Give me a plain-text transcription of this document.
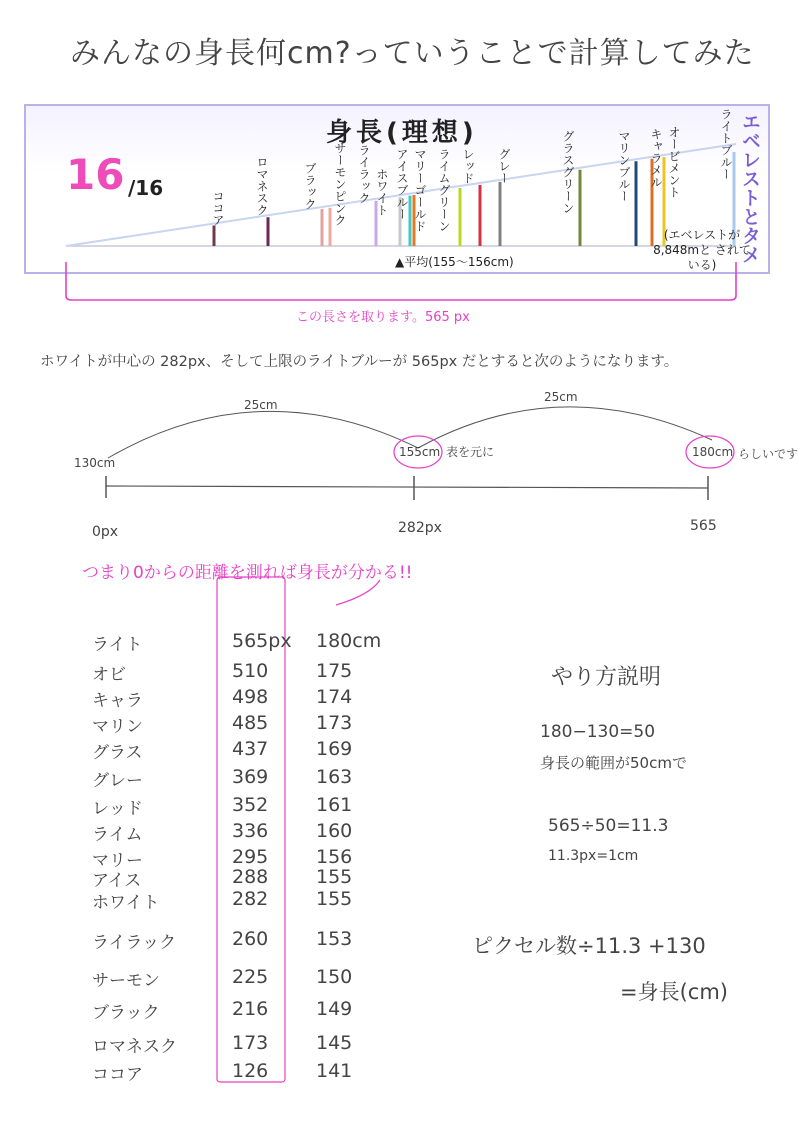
みんなの身長何cm?っていうことで計算してみた
身長(理想)
16 /16
ココア	ロマネスク	ブラック サーモンピンク ライラック ホワイト アイスブルー マリーゴールド ライムグリーン レッド グレー	グラスグリーン	マリンブルー キャラメル オービメント	ライトブルー エベレストとタメ
(エベレストが 8,848mと されている)
▲平均(155〜156cm)
この長さを取ります。565 px
ホワイトが中心の 282px、そして上限のライトブルーが 565px だとすると次のようになります。
25cm
25cm
130cm
155cm 表を元に	180cm らしいです
0px	282px	565
つまり0からの距離を測れば身長が分かる!!
ライト	565px 180cm
オビ	510	175
キャラ	498	174
マリン	485	173
グラス	437	169
グレー	369	163
レッド	352	161
ライム	336	160
マリー	295	156
アイス	288	155
ホワイト	282	155
ライラック	260	153
サーモン	225	150
ブラック	216	149
ロマネスク	173	145
ココア	126	141
やり方説明
180−130=50
身長の範囲が50cmで
565÷50=11.3
11.3px=1cm
ピクセル数÷11.3 +130
=身長(cm)
